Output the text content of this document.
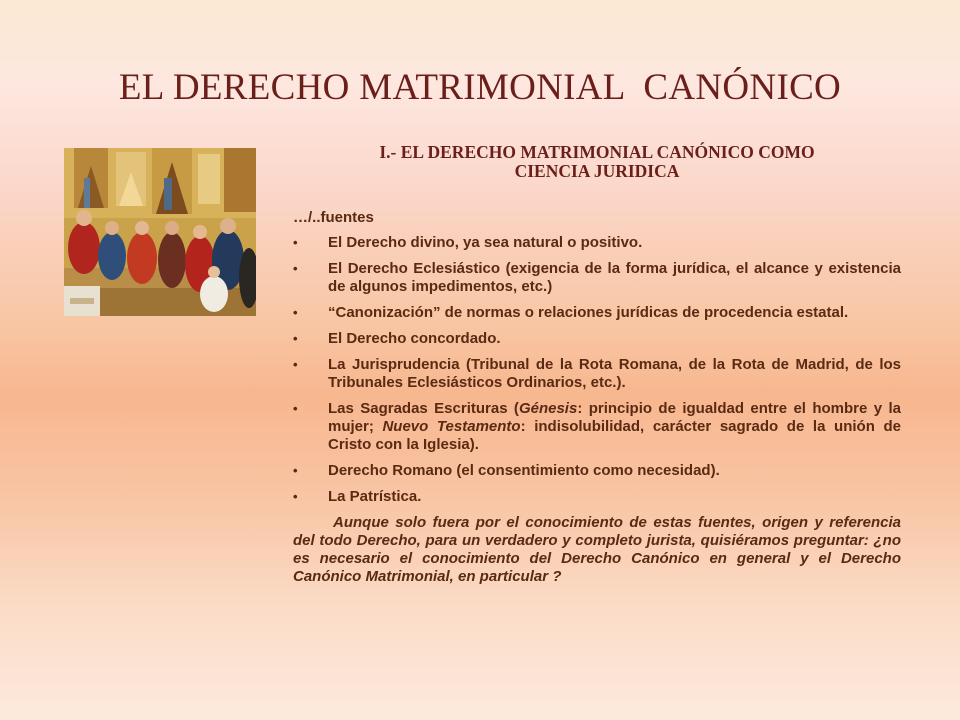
EL DERECHO MATRIMONIAL  CANÓNICO
I.- EL DERECHO MATRIMONIAL CANÓNICO COMO
CIENCIA JURIDICA
…/..fuentes
• El Derecho divino, ya sea natural o positivo.
• El Derecho Eclesiástico (exigencia de la forma jurídica, el alcance y existencia de algunos impedimentos, etc.)
• “Canonización” de normas o relaciones jurídicas de procedencia estatal.
• El Derecho concordado.
• La Jurisprudencia (Tribunal de la Rota Romana, de la Rota de Madrid, de los Tribunales Eclesiásticos Ordinarios, etc.).
• Las Sagradas Escrituras (Génesis: principio de igualdad entre el hombre y la mujer; Nuevo Testamento: indisolubilidad, carácter sagrado de la unión de Cristo con la Iglesia).
• Derecho Romano (el consentimiento como necesidad).
• La Patrística.
Aunque solo fuera por el conocimiento de estas fuentes, origen y referencia del todo Derecho, para un verdadero y completo jurista, quisiéramos preguntar: ¿no es necesario el conocimiento del Derecho Canónico en general y el Derecho Canónico Matrimonial, en particular ?
